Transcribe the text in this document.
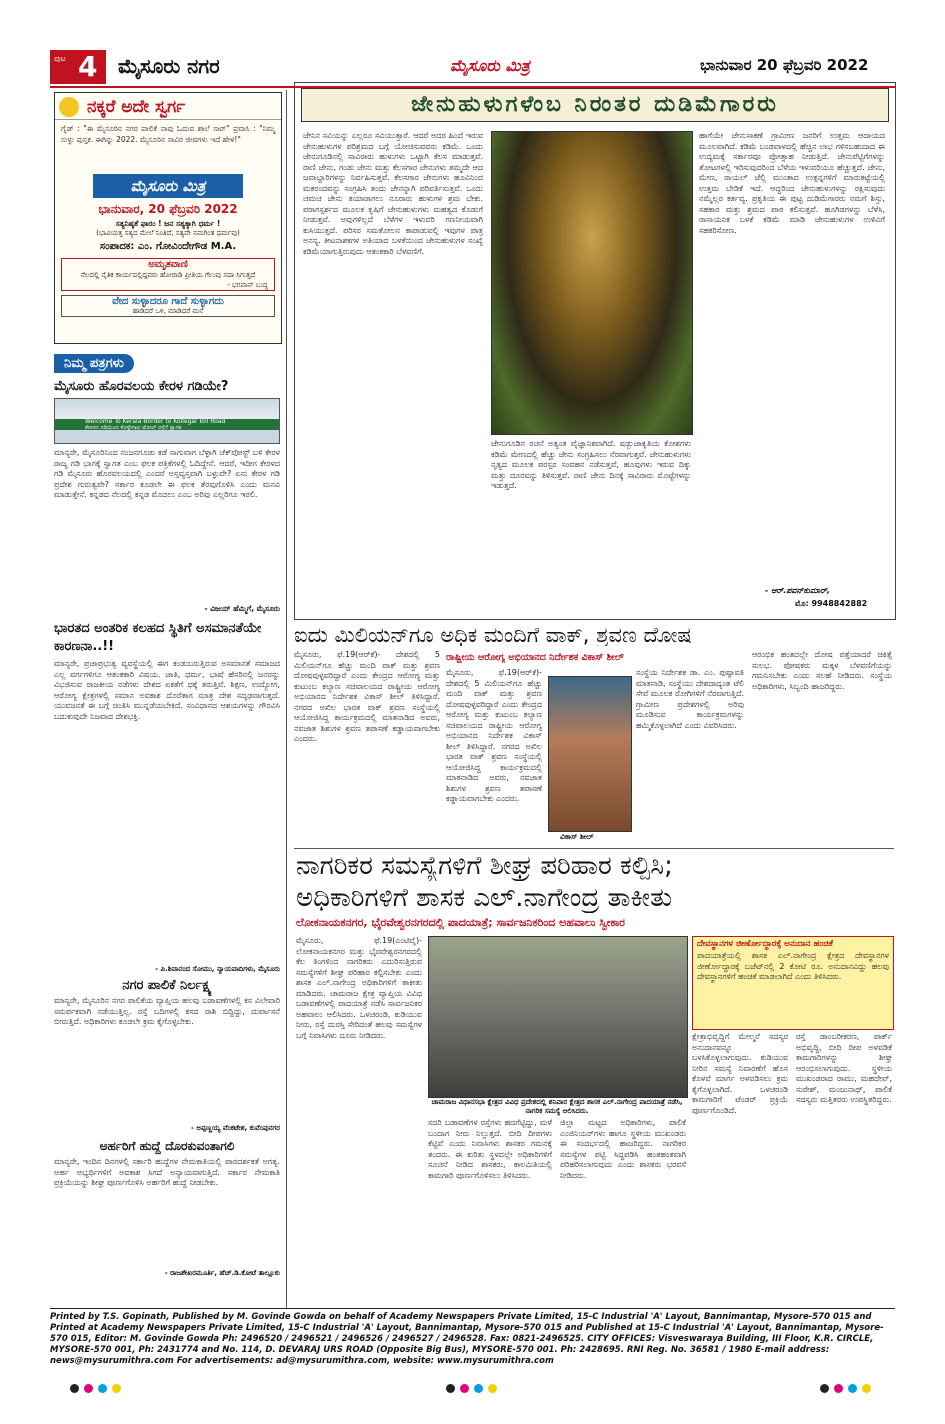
ಪುಟ 4 ಮೈಸೂರು ನಗರ	ಮೈಸೂರು ಮಿತ್ರ	ಭಾನುವಾರ 20 ಫೆಬ್ರವರಿ 2022
ನಕ್ಕರೆ ಅದೇ ಸ್ವರ್ಗ
ಗೈಡ್ : "ಈ ಮೈಸೂರಿನ ನಗರ ಪಾಲಿಕೆ ನಾವು ಓದುವ ಶಾಲೆ ಸಾರ್" ಪ್ರವಾಸಿ : "ನಿಮ್ಮ ಸುಳ್ಳು ಪುಸ್ತಕ. ಈಗಿನ್ನು 2022. ಮೈಸೂರಿನ ಸಾವಿರ ಜೀವಗಳು ಇದೆ ಹೇಳಿ!"
ಮೈಸೂರು ಮಿತ್ರ
ಭಾನುವಾರ, 20 ಫೆಬ್ರವರಿ 2022
ಸತ್ಯನಿಷ್ಠತೆ ಫಾರಂ ! ಜನ ಸತ್ಯಕ್ಕಾಗಿ ಧರ್ಮ !
(ಭಾವಿಯತ್ತ ಸತ್ಯದ ಮೇಲೆ ನಿಂತಿದೆ, ಸತ್ಯವೇ ನಮಗಿಂತ ಧರ್ಮವು)
ಸಂಪಾದಕ: ಎಂ. ಗೋವಿಂದೇಗೌಡ M.A.
ಅಮೃತವಾಣಿ
ನೆಲದಲ್ಲಿ ನೈತಿಕ ಕಾರ್ಯದಲ್ಲಿದ್ದವರು ಹೋರಾಡಿ ಪ್ರೀತಿಯ ಗೆಲುವು ಸದಾ ಸಿಗುತ್ತದೆ
- ಭಗವಾನ್ ಬುದ್ಧ
ವೇದ ಸುಳ್ಳಾದರೂ ಗಾದೆ ಸುಳ್ಳಾಗದು
ಹಾಡಿದರೆ ಒಳಿ, ಮಾಡಿದರೆ ಮನೆ
ನಿಮ್ಮ ಪತ್ರಗಳು
ಮೈಸೂರು ಹೊರವಲಯ ಕೇರಳ ಗಡಿಯೇ?
Welcome To Kerala Border to Kollegal Toll Road
ಕೇರಳದ ಗಡಿಯಿಂದ ಕೊಳ್ಳೇಗಾಲ ಟೋಲ್ ರಸ್ತೆಗೆ ಸ್ವಾಗತ
ಮಾನ್ಯರೇ, ಮೈಸೂರಿನಿಂದ ನಂಜನಗೂಡು ಕಡೆ ಸಾಗುವಾಗ ಬೆಳ್ಳಾಗಿ ಚೆಕ್‌ಪೋಸ್ಟ್ ಬಳಿ ಕೇರಳ ರಾಜ್ಯ ಗಡಿ ಭಾಗಕ್ಕೆ ಸ್ವಾಗತ ಎಂಬ ಫಲಕ ಪತ್ರಿಕೆಗಳಲ್ಲಿ ಓದಿದ್ದೇನೆ. ಆದರೆ, ಇದೀಗ ಕೇರಳದ ಗಡಿ ಮೈಸೂರು ಹೊರವಲಯದಲ್ಲಿ ಎಂದರೆ ಅಸ್ತವ್ಯಸ್ತವಾಗಿ ಬಳ್ಳುವೇ? ಏನು ಕೇರಳ ಗಡಿ ಪ್ರದೇಶ ಗುರುತ್ವವೇ? ಸರ್ಕಾರ ಕೂಡಲೇ ಈ ಫಲಕ ತೆರವುಗೊಳಿಸಿ ಎಂದು ಮನವಿ ಮಾಡುತ್ತೇನೆ. ಕನ್ನಡದ ನೆಲದಲ್ಲಿ ಕನ್ನಡ ಮೊದಲು ಎಂಬ ಅರಿವು ಎಲ್ಲರಿಗೂ ಇರಲಿ.
- ವಿಜಯ್ ಹೆಮ್ಮಿಗೆ, ಮೈಸೂರು
ಭಾರತದ ಅಂತರಿಕ ಕಲಹದ ಸ್ಥಿತಿಗೆ ಅಸಮಾನತೆಯೇ ಕಾರಣನಾ..!!
ಮಾನ್ಯರೇ, ಪ್ರಜಾಪ್ರಭುತ್ವ ವ್ಯವಸ್ಥೆಯಲ್ಲಿ ಈಗ ಕಂಡುಬರುತ್ತಿರುವ ಅಸಮಾನತೆ ಸಮಾಜದ ಎಲ್ಲ ವರ್ಗಗಳಿಗೂ ಆತಂಕಕಾರಿ ವಿಷಯ. ಜಾತಿ, ಧರ್ಮ, ಭಾಷೆ ಹೆಸರಿನಲ್ಲಿ ಜನರನ್ನು ವಿಭಜಿಸುವ ರಾಜಕೀಯ ನಡೆಗಳು ದೇಶದ ಏಕತೆಗೆ ಧಕ್ಕೆ ತರುತ್ತಿವೆ. ಶಿಕ್ಷಣ, ಉದ್ಯೋಗ, ಆರೋಗ್ಯ ಕ್ಷೇತ್ರಗಳಲ್ಲಿ ಸಮಾನ ಅವಕಾಶ ದೊರೆತಾಗ ಮಾತ್ರ ದೇಶ ಸದೃಢವಾಗುತ್ತದೆ. ಯುವಜನತೆ ಈ ಬಗ್ಗೆ ಚಿಂತಿಸಿ ಮುನ್ನಡೆಯಬೇಕಿದೆ. ಸಂವಿಧಾನದ ಆಶಯಗಳನ್ನು ಗೌರವಿಸಿ ಬದುಕುವುದೇ ನಿಜವಾದ ದೇಶಭಕ್ತಿ.
- ಪಿ.ಶಿವಾನಂದ ಸೋಮು, ನ್ಯಾಯವಾದಿಗಳು, ಮೈಸೂರು
ನಗರ ಪಾಲಿಕೆ ನಿರ್ಲಕ್ಷ್ಯ
ಮಾನ್ಯರೇ, ಮೈಸೂರಿನ ನಗರ ಪಾಲಿಕೆಯ ವ್ಯಾಪ್ತಿಯ ಹಲವು ಬಡಾವಣೆಗಳಲ್ಲಿ ಕಸ ವಿಲೇವಾರಿ ಸಮರ್ಪಕವಾಗಿ ನಡೆಯುತ್ತಿಲ್ಲ. ರಸ್ತೆ ಬದಿಗಳಲ್ಲಿ ಕಸದ ರಾಶಿ ಬಿದ್ದಿದ್ದು, ದುರ್ವಾಸನೆ ಬೀರುತ್ತಿದೆ. ಅಧಿಕಾರಿಗಳು ಕೂಡಲೇ ಕ್ರಮ ಕೈಗೊಳ್ಳಬೇಕು.
- ಅಪ್ಪಣ್ಣಯ್ಯ ವೆಂಕಟೇಶ, ಕುವೆಂಪುನಗರ
ಅರ್ಹರಿಗೆ ಹುದ್ದೆ ದೊರಕುವಂತಾಗಲಿ
ಮಾನ್ಯರೇ, ಇಂದಿನ ದಿನಗಳಲ್ಲಿ ಸರ್ಕಾರಿ ಹುದ್ದೆಗಳ ನೇಮಕಾತಿಯಲ್ಲಿ ಪಾರದರ್ಶಕತೆ ಅಗತ್ಯ. ಅರ್ಹ ಅಭ್ಯರ್ಥಿಗಳಿಗೆ ಅವಕಾಶ ಸಿಗದೆ ಅನ್ಯಾಯವಾಗುತ್ತಿದೆ. ಸರ್ಕಾರ ನೇಮಕಾತಿ ಪ್ರಕ್ರಿಯೆಯನ್ನು ಶೀಘ್ರ ಪೂರ್ಣಗೊಳಿಸಿ ಅರ್ಹರಿಗೆ ಹುದ್ದೆ ನೀಡಬೇಕು.
- ರಾಜಶೇಖರಮೂರ್ತಿ, ಹೆಚ್.ಡಿ.ಕೋಟೆ ತಾಲ್ಲೂಕು
ಜೇನುಹುಳುಗಳೆಂಬ ನಿರಂತರ ದುಡಿಮೆಗಾರರು
ಜೇನಿನ ಸವಿಯನ್ನು ಎಲ್ಲರೂ ಸವಿಯುತ್ತಾರೆ. ಆದರೆ ಅದರ ಹಿಂದೆ ಇರುವ ಜೇನುಹುಳುಗಳ ಪರಿಶ್ರಮದ ಬಗ್ಗೆ ಯೋಚಿಸುವವರು ಕಡಿಮೆ. ಒಂದು ಜೇನುಗೂಡಿನಲ್ಲಿ ಸಾವಿರಾರು ಹುಳುಗಳು ಒಟ್ಟಾಗಿ ಕೆಲಸ ಮಾಡುತ್ತವೆ. ರಾಣಿ ಜೇನು, ಗಂಡು ಜೇನು ಮತ್ತು ಕೆಲಸಗಾರ ಜೇನುಗಳು ತಮ್ಮದೇ ಆದ ಜವಾಬ್ದಾರಿಗಳನ್ನು ನಿರ್ವಹಿಸುತ್ತವೆ. ಕೆಲಸಗಾರ ಜೇನುಗಳು ಹೂವಿನಿಂದ ಮಕರಂದವನ್ನು ಸಂಗ್ರಹಿಸಿ ತಂದು ಜೇನನ್ನಾಗಿ ಪರಿವರ್ತಿಸುತ್ತವೆ. ಒಂದು ಚಮಚ ಜೇನು ತಯಾರಾಗಲು ನೂರಾರು ಹುಳುಗಳ ಶ್ರಮ ಬೇಕು. ಪರಾಗಸ್ಪರ್ಶದ ಮೂಲಕ ಕೃಷಿಗೆ ಜೇನುಹುಳುಗಳು ಮಹತ್ವದ ಕೊಡುಗೆ ನೀಡುತ್ತವೆ. ಅವುಗಳಿಲ್ಲದೆ ಬೆಳೆಗಳ ಇಳುವರಿ ಗಣನೀಯವಾಗಿ ಕುಸಿಯುತ್ತದೆ. ಪರಿಸರ ಸಮತೋಲನ ಕಾಪಾಡುವಲ್ಲಿ ಇವುಗಳ ಪಾತ್ರ ಅನನ್ಯ. ಕೀಟನಾಶಕಗಳ ಅತಿಯಾದ ಬಳಕೆಯಿಂದ ಜೇನುಹುಳುಗಳ ಸಂಖ್ಯೆ ಕಡಿಮೆಯಾಗುತ್ತಿರುವುದು ಆತಂಕಕಾರಿ ಬೆಳವಣಿಗೆ.
ಜೇನುಗೂಡಿನ ರಚನೆ ಅತ್ಯಂತ ವೈಜ್ಞಾನಿಕವಾಗಿದೆ. ಷಡ್ಭುಜಾಕೃತಿಯ ಕೋಶಗಳು ಕಡಿಮೆ ಮೇಣದಲ್ಲಿ ಹೆಚ್ಚು ಜೇನು ಸಂಗ್ರಹಿಸಲು ನೆರವಾಗುತ್ತವೆ. ಜೇನುಹುಳುಗಳು ನೃತ್ಯದ ಮೂಲಕ ಪರಸ್ಪರ ಸಂವಹನ ನಡೆಸುತ್ತವೆ, ಹೂವುಗಳು ಇರುವ ದಿಕ್ಕು ಮತ್ತು ದೂರವನ್ನು ತಿಳಿಸುತ್ತವೆ. ರಾಣಿ ಜೇನು ದಿನಕ್ಕೆ ಸಾವಿರಾರು ಮೊಟ್ಟೆಗಳನ್ನು ಇಡುತ್ತದೆ.
ಹಾಗೆಯೇ ಜೇನುಸಾಕಣೆ ಗ್ರಾಮೀಣ ಜನರಿಗೆ ಉತ್ತಮ ಆದಾಯದ ಮೂಲವಾಗಿದೆ. ಕಡಿಮೆ ಬಂಡವಾಳದಲ್ಲಿ ಹೆಚ್ಚಿನ ಲಾಭ ಗಳಿಸಬಹುದಾದ ಈ ಉದ್ಯಮಕ್ಕೆ ಸರ್ಕಾರವೂ ಪ್ರೋತ್ಸಾಹ ನೀಡುತ್ತಿದೆ. ಜೇನುಪೆಟ್ಟಿಗೆಗಳನ್ನು ತೋಟಗಳಲ್ಲಿ ಇರಿಸುವುದರಿಂದ ಬೆಳೆಯ ಇಳುವರಿಯೂ ಹೆಚ್ಚುತ್ತದೆ. ಜೇನು, ಮೇಣ, ರಾಯಲ್ ಜೆಲ್ಲಿ ಮುಂತಾದ ಉತ್ಪನ್ನಗಳಿಗೆ ಮಾರುಕಟ್ಟೆಯಲ್ಲಿ ಉತ್ತಮ ಬೇಡಿಕೆ ಇದೆ. ಆದ್ದರಿಂದ ಜೇನುಹುಳುಗಳನ್ನು ರಕ್ಷಿಸುವುದು ನಮ್ಮೆಲ್ಲರ ಕರ್ತವ್ಯ. ಪ್ರಕೃತಿಯ ಈ ಪುಟ್ಟ ದುಡಿಮೆಗಾರರು ನಮಗೆ ಶಿಸ್ತು, ಸಹಕಾರ ಮತ್ತು ಶ್ರಮದ ಪಾಠ ಕಲಿಸುತ್ತವೆ. ಹೂಗಿಡಗಳನ್ನು ಬೆಳೆಸಿ, ರಾಸಾಯನಿಕ ಬಳಕೆ ಕಡಿಮೆ ಮಾಡಿ ಜೇನುಹುಳುಗಳ ಉಳಿವಿಗೆ ಸಹಕರಿಸೋಣ.
- ಆರ್.ಪವನ್‌ಕುಮಾರ್,
ಮೊ: 9948842882
ಐದು ಮಿಲಿಯನ್‌ಗೂ ಅಧಿಕ ಮಂದಿಗೆ ವಾಕ್, ಶ್ರವಣ ದೋಷ
ಮೈಸೂರು, ಫೆ.19(ಆರ್‌ಕೆ)- ದೇಶದಲ್ಲಿ 5 ಮಿಲಿಯನ್‌ಗೂ ಹೆಚ್ಚು ಮಂದಿ ವಾಕ್ ಮತ್ತು ಶ್ರವಣ ದೋಷವುಳ್ಳವರಿದ್ದಾರೆ ಎಂದು ಕೇಂದ್ರದ ಆರೋಗ್ಯ ಮತ್ತು ಕುಟುಂಬ ಕಲ್ಯಾಣ ಸಚಿವಾಲಯದ ರಾಷ್ಟ್ರೀಯ ಆರೋಗ್ಯ ಅಭಿಯಾನದ ನಿರ್ದೇಶಕ ವಿಕಾಸ್ ಶೀಲ್ ತಿಳಿಸಿದ್ದಾರೆ. ನಗರದ ಅಖಿಲ ಭಾರತ ವಾಕ್ ಶ್ರವಣ ಸಂಸ್ಥೆಯಲ್ಲಿ ಆಯೋಜಿಸಿದ್ದ ಕಾರ್ಯಕ್ರಮದಲ್ಲಿ ಮಾತನಾಡಿದ ಅವರು, ನವಜಾತ ಶಿಶುಗಳ ಶ್ರವಣ ತಪಾಸಣೆ ಕಡ್ಡಾಯವಾಗಬೇಕು ಎಂದರು.
ರಾಷ್ಟ್ರೀಯ ಆರೋಗ್ಯ ಅಭಿಯಾನದ ನಿರ್ದೇಶಕ ವಿಕಾಸ್ ಶೀಲ್
ವಿಕಾಸ್ ಶೀಲ್
ಮೈಸೂರು, ಫೆ.19(ಆರ್‌ಕೆ)- ದೇಶದಲ್ಲಿ 5 ಮಿಲಿಯನ್‌ಗೂ ಹೆಚ್ಚು ಮಂದಿ ವಾಕ್ ಮತ್ತು ಶ್ರವಣ ದೋಷವುಳ್ಳವರಿದ್ದಾರೆ ಎಂದು ಕೇಂದ್ರದ ಆರೋಗ್ಯ ಮತ್ತು ಕುಟುಂಬ ಕಲ್ಯಾಣ ಸಚಿವಾಲಯದ ರಾಷ್ಟ್ರೀಯ ಆರೋಗ್ಯ ಅಭಿಯಾನದ ನಿರ್ದೇಶಕ ವಿಕಾಸ್ ಶೀಲ್ ತಿಳಿಸಿದ್ದಾರೆ. ನಗರದ ಅಖಿಲ ಭಾರತ ವಾಕ್ ಶ್ರವಣ ಸಂಸ್ಥೆಯಲ್ಲಿ ಆಯೋಜಿಸಿದ್ದ ಕಾರ್ಯಕ್ರಮದಲ್ಲಿ ಮಾತನಾಡಿದ ಅವರು, ನವಜಾತ ಶಿಶುಗಳ ಶ್ರವಣ ತಪಾಸಣೆ ಕಡ್ಡಾಯವಾಗಬೇಕು ಎಂದರು.
ಸಂಸ್ಥೆಯ ನಿರ್ದೇಶಕ ಡಾ. ಎಂ. ಪುಷ್ಪಾವತಿ ಮಾತನಾಡಿ, ಸಂಸ್ಥೆಯು ದೇಶದಾದ್ಯಂತ ಟೆಲಿ ಸೇವೆ ಮೂಲಕ ರೋಗಿಗಳಿಗೆ ನೆರವಾಗುತ್ತಿದೆ. ಗ್ರಾಮೀಣ ಪ್ರದೇಶಗಳಲ್ಲಿ ಅರಿವು ಮೂಡಿಸುವ ಕಾರ್ಯಕ್ರಮಗಳನ್ನು ಹಮ್ಮಿಕೊಳ್ಳಲಾಗಿದೆ ಎಂದು ವಿವರಿಸಿದರು.
ಆರಂಭಿಕ ಹಂತದಲ್ಲೇ ದೋಷ ಪತ್ತೆಯಾದರೆ ಚಿಕಿತ್ಸೆ ಸುಲಭ. ಪೋಷಕರು ಮಕ್ಕಳ ಬೆಳವಣಿಗೆಯನ್ನು ಗಮನಿಸಬೇಕು ಎಂದು ಸಲಹೆ ನೀಡಿದರು. ಸಂಸ್ಥೆಯ ಅಧಿಕಾರಿಗಳು, ಸಿಬ್ಬಂದಿ ಹಾಜರಿದ್ದರು.
ನಾಗರಿಕರ ಸಮಸ್ಯೆಗಳಿಗೆ ಶೀಘ್ರ ಪರಿಹಾರ ಕಲ್ಪಿಸಿ;
ಅಧಿಕಾರಿಗಳಿಗೆ ಶಾಸಕ ಎಲ್.ನಾಗೇಂದ್ರ ತಾಕೀತು
ಲೋಕನಾಯಕನಗರ, ಭೈರವೇಶ್ವರನಗರದಲ್ಲಿ ಪಾದಯಾತ್ರೆ; ಸಾರ್ವಜನಿಕರಿಂದ ಅಹವಾಲು ಸ್ವೀಕಾರ
ಮೈಸೂರು, ಫೆ.19(ಎಂಟಿವೈ)- ಲೋಕನಾಯಕನಗರ ಮತ್ತು ಭೈರವೇಶ್ವರನಗರದಲ್ಲಿ ಕೆಲ ತಿಂಗಳಿಂದ ನಾಗರಿಕರು ಎದುರಿಸುತ್ತಿರುವ ಸಮಸ್ಯೆಗಳಿಗೆ ಶೀಘ್ರ ಪರಿಹಾರ ಕಲ್ಪಿಸಬೇಕು ಎಂದು ಶಾಸಕ ಎಲ್.ನಾಗೇಂದ್ರ ಅಧಿಕಾರಿಗಳಿಗೆ ತಾಕೀತು ಮಾಡಿದರು. ಚಾಮರಾಜ ಕ್ಷೇತ್ರ ವ್ಯಾಪ್ತಿಯ ವಿವಿಧ ಬಡಾವಣೆಗಳಲ್ಲಿ ಪಾದಯಾತ್ರೆ ನಡೆಸಿ ಸಾರ್ವಜನಿಕರ ಅಹವಾಲು ಆಲಿಸಿದರು. ಒಳಚರಂಡಿ, ಕುಡಿಯುವ ನೀರು, ರಸ್ತೆ ದುರಸ್ತಿ ಸೇರಿದಂತೆ ಹಲವು ಸಮಸ್ಯೆಗಳ ಬಗ್ಗೆ ನಿವಾಸಿಗಳು ದೂರು ನೀಡಿದರು.
ಚಾಮರಾಜ ವಿಧಾನಸಭಾ ಕ್ಷೇತ್ರದ ವಿವಿಧ ಪ್ರದೇಶದಲ್ಲಿ ಶನಿವಾರ ಕ್ಷೇತ್ರದ ಶಾಸಕ ಎಲ್.ನಾಗೇಂದ್ರ ಪಾದಯಾತ್ರೆ ನಡೆಸಿ, ನಾಗರಿಕ ಸಮಸ್ಯೆ ಆಲಿಸಿದರು.
ಸದರಿ ಬಡಾವಣೆಗಳ ರಸ್ತೆಗಳು ಹದಗೆಟ್ಟಿದ್ದು, ಮಳೆ ಬಂದಾಗ ನೀರು ನಿಲ್ಲುತ್ತದೆ. ಬೀದಿ ದೀಪಗಳು ಕೆಟ್ಟಿವೆ ಎಂದು ನಿವಾಸಿಗಳು ಶಾಸಕರ ಗಮನಕ್ಕೆ ತಂದರು. ಈ ಕುರಿತು ಸ್ಥಳದಲ್ಲೇ ಅಧಿಕಾರಿಗಳಿಗೆ ಸೂಚನೆ ನೀಡಿದ ಶಾಸಕರು, ಕಾಲಮಿತಿಯಲ್ಲಿ ಕಾಮಗಾರಿ ಪೂರ್ಣಗೊಳಿಸಲು ತಿಳಿಸಿದರು.
ಜಿಲ್ಲಾ ಮಟ್ಟದ ಅಧಿಕಾರಿಗಳು, ಪಾಲಿಕೆ ಎಂಜಿನಿಯರ್‌ಗಳು ಹಾಗೂ ಸ್ಥಳೀಯ ಮುಖಂಡರು ಈ ಸಂದರ್ಭದಲ್ಲಿ ಹಾಜರಿದ್ದರು. ನಾಗರಿಕರ ಸಮಸ್ಯೆಗಳ ಪಟ್ಟಿ ಸಿದ್ಧಪಡಿಸಿ ಹಂತಹಂತವಾಗಿ ಪರಿಹರಿಸಲಾಗುವುದು ಎಂದು ಶಾಸಕರು ಭರವಸೆ ನೀಡಿದರು.
ದೇವಸ್ಥಾನಗಳ ಜೀರ್ಣೋದ್ಧಾರಕ್ಕೆ ಅನುದಾನ ಹಂಚಿಕೆ
ಪಾದಯಾತ್ರೆಯಲ್ಲಿ ಶಾಸಕ ಎಲ್.ನಾಗೇಂದ್ರ ಕ್ಷೇತ್ರದ ದೇವಸ್ಥಾನಗಳ ಜೀರ್ಣೋದ್ಧಾರಕ್ಕೆ ಬಜೆಟ್‌ನಲ್ಲಿ 2 ಕೋಟಿ ರೂ. ಅನುದಾನವಿದ್ದು ಹಲವು ದೇವಸ್ಥಾನಗಳಿಗೆ ಹಂಚಿಕೆ ಮಾಡಲಾಗಿದೆ ಎಂದು ತಿಳಿಸಿದರು.
ಕ್ಷೇತ್ರಾಭಿವೃದ್ಧಿಗೆ ಮೇಲ್ಮನೆ ಸದಸ್ಯರ ಅನುದಾನವನ್ನೂ ಬಳಸಿಕೊಳ್ಳಲಾಗುವುದು. ಕುಡಿಯುವ ನೀರಿನ ಸಮಸ್ಯೆ ನಿವಾರಣೆಗೆ ಹೊಸ ಕೊಳವೆ ಮಾರ್ಗ ಅಳವಡಿಸಲು ಕ್ರಮ ಕೈಗೊಳ್ಳಲಾಗಿದೆ. ಒಳಚರಂಡಿ ಕಾಮಗಾರಿಗೆ ಟೆಂಡರ್ ಪ್ರಕ್ರಿಯೆ ಪೂರ್ಣಗೊಂಡಿದೆ.
ರಸ್ತೆ ಡಾಂಬರೀಕರಣ, ಪಾರ್ಕ್ ಅಭಿವೃದ್ಧಿ, ಬೀದಿ ದೀಪ ಅಳವಡಿಕೆ ಕಾಮಗಾರಿಗಳನ್ನು ಶೀಘ್ರ ಆರಂಭಿಸಲಾಗುವುದು. ಸ್ಥಳೀಯ ಮುಖಂಡರಾದ ರಾಮು, ಮಹದೇವ್, ಸುರೇಶ್, ಮಂಜುನಾಥ್, ಪಾಲಿಕೆ ಸದಸ್ಯರು ಮತ್ತಿತರರು ಉಪಸ್ಥಿತರಿದ್ದರು.
Printed by T.S. Gopinath, Published by M. Govinde Gowda on behalf of Academy Newspapers Private Limited, 15-C Industrial 'A' Layout, Bannimantap, Mysore-570 015 and Printed at Academy Newspapers Private Limited, 15-C Industrial 'A' Layout, Bannimantap, Mysore-570 015 and Published at 15-C Industrial 'A' Layout, Bannimantap, Mysore-570 015, Editor: M. Govinde Gowda Ph: 2496520 / 2496521 / 2496526 / 2496527 / 2496528. Fax: 0821-2496525. CITY OFFICES: Visveswaraya Building, III Floor, K.R. CIRCLE, MYSORE-570 001, Ph: 2431774 and No. 114, D. DEVARAJ URS ROAD (Opposite Big Bus), MYSORE-570 001. Ph: 2428695. RNI Reg. No. 36581 / 1980 E-mail address: news@mysurumithra.com For advertisements: ad@mysurumithra.com, website: www.mysurumithra.com
